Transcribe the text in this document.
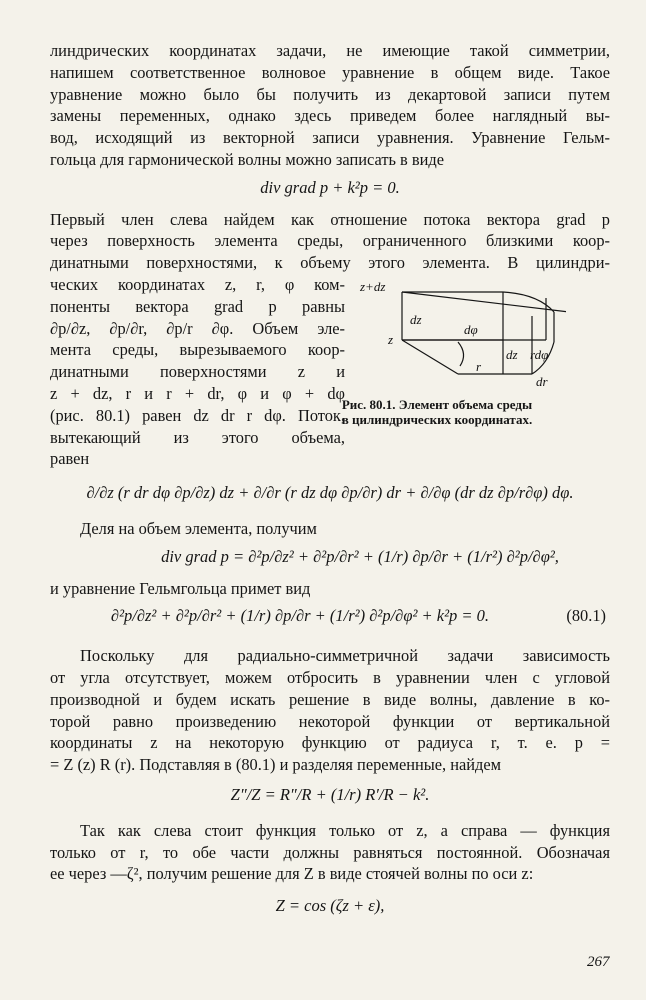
линдрических координатах задачи, не имеющие такой симметрии,
напишем соответственное волновое уравнение в общем виде. Такое
уравнение можно было бы получить из декартовой записи путем
замены переменных, однако здесь приведем более наглядный вы-
вод, исходящий из векторной записи уравнения. Уравнение Гельм-
гольца для гармонической волны можно записать в виде
div grad p + k²p = 0.
Первый член слева найдем как отношение потока вектора grad p
через поверхность элемента среды, ограниченного близкими коор-
динатными поверхностями, к объему этого элемента. В цилиндри-
ческих координатах z, r, φ ком-
поненты вектора grad p равны
∂p/∂z, ∂p/∂r, ∂p/r ∂φ. Объем эле-
мента среды, вырезываемого коор-
динатными поверхностями z и
z + dz, r и r + dr, φ и φ + dφ
(рис. 80.1) равен dz dr r dφ. Поток,
вытекающий из этого объема,
равен
∂/∂z (r dr dφ ∂p/∂z) dz + ∂/∂r (r dz dφ ∂p/∂r) dr + ∂/∂φ (dr dz ∂p/r∂φ) dφ.
Деля на объем элемента, получим
div grad p = ∂²p/∂z² + ∂²p/∂r² + (1/r) ∂p/∂r + (1/r²) ∂²p/∂φ²,
и уравнение Гельмгольца примет вид
∂²p/∂z² + ∂²p/∂r² + (1/r) ∂p/∂r + (1/r²) ∂²p/∂φ² + k²p = 0.	(80.1)
Поскольку для радиально-симметричной задачи зависимость
от угла отсутствует, можем отбросить в уравнении член с угловой
производной и будем искать решение в виде волны, давление в ко-
торой равно произведению некоторой функции от вертикальной
координаты z на некоторую функцию от радиуса r, т. е. p =
= Z (z) R (r). Подставляя в (80.1) и разделяя переменные, найдем
Z″/Z = R″/R + (1/r) R′/R − k².
Так как слева стоит функция только от z, а справа — функция
только от r, то обе части должны равняться постоянной. Обозначая
ее через —ζ², получим решение для Z в виде стоячей волны по оси z:
Z = cos (ζz + ε),
z+dz
dz
dφ
z
dz rdφ
r
dr
Рис. 80.1. Элемент объема среды
в цилиндрических координатах.
267
